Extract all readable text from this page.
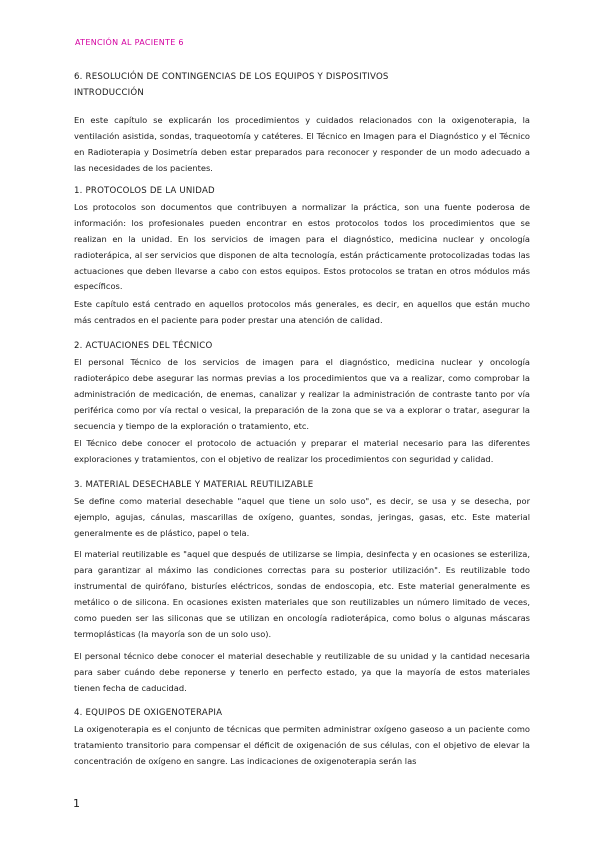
ATENCIÓN AL PACIENTE 6

6. RESOLUCIÓN DE CONTINGENCIAS DE LOS EQUIPOS Y DISPOSITIVOS

INTRODUCCIÓN

En este capítulo se explicarán los procedimientos y cuidados relacionados con la oxigenoterapia, la ventilación asistida, sondas, traqueotomía y catéteres. El Técnico en Imagen para el Diagnóstico y el Técnico en Radioterapia y Dosimetría deben estar preparados para reconocer y responder de un modo adecuado a las necesidades de los pacientes.

1. PROTOCOLOS DE LA UNIDAD

Los protocolos son documentos que contribuyen a normalizar la práctica, son una fuente poderosa de información: los profesionales pueden encontrar en estos protocolos todos los procedimientos que se realizan en la unidad. En los servicios de imagen para el diagnóstico, medicina nuclear y oncología radioterápica, al ser servicios que disponen de alta tecnología, están prácticamente protocolizadas todas las actuaciones que deben llevarse a cabo con estos equipos. Estos protocolos se tratan en otros módulos más específicos.

Este capítulo está centrado en aquellos protocolos más generales, es decir, en aquellos que están mucho más centrados en el paciente para poder prestar una atención de calidad.

2. ACTUACIONES DEL TÉCNICO

El personal Técnico de los servicios de imagen para el diagnóstico, medicina nuclear y oncología radioterápico debe asegurar las normas previas a los procedimientos que va a realizar, como comprobar la administración de medicación, de enemas, canalizar y realizar la administración de contraste tanto por vía periférica como por vía rectal o vesical, la preparación de la zona que se va a explorar o tratar, asegurar la secuencia y tiempo de la exploración o tratamiento, etc.

El Técnico debe conocer el protocolo de actuación y preparar el material necesario para las diferentes exploraciones y tratamientos, con el objetivo de realizar los procedimientos con seguridad y calidad.

3. MATERIAL DESECHABLE Y MATERIAL REUTILIZABLE

Se define como material desechable "aquel que tiene un solo uso", es decir, se usa y se desecha, por ejemplo, agujas, cánulas, mascarillas de oxígeno, guantes, sondas, jeringas, gasas, etc. Este material generalmente es de plástico, papel o tela.

El material reutilizable es "aquel que después de utilizarse se limpia, desinfecta y en ocasiones se esteriliza, para garantizar al máximo las condiciones correctas para su posterior utilización". Es reutilizable todo instrumental de quirófano, bisturíes eléctricos, sondas de endoscopia, etc. Este material generalmente es metálico o de silicona. En ocasiones existen materiales que son reutilizables un número limitado de veces, como pueden ser las siliconas que se utilizan en oncología radioterápica, como bolus o algunas máscaras termoplásticas (la mayoría son de un solo uso).

El personal técnico debe conocer el material desechable y reutilizable de su unidad y la cantidad necesaria para saber cuándo debe reponerse y tenerlo en perfecto estado, ya que la mayoría de estos materiales tienen fecha de caducidad.

4. EQUIPOS DE OXIGENOTERAPIA

La oxigenoterapia es el conjunto de técnicas que permiten administrar oxígeno gaseoso a un paciente como tratamiento transitorio para compensar el déficit de oxigenación de sus células, con el objetivo de elevar la concentración de oxígeno en sangre. Las indicaciones de oxigenoterapia serán las

1
